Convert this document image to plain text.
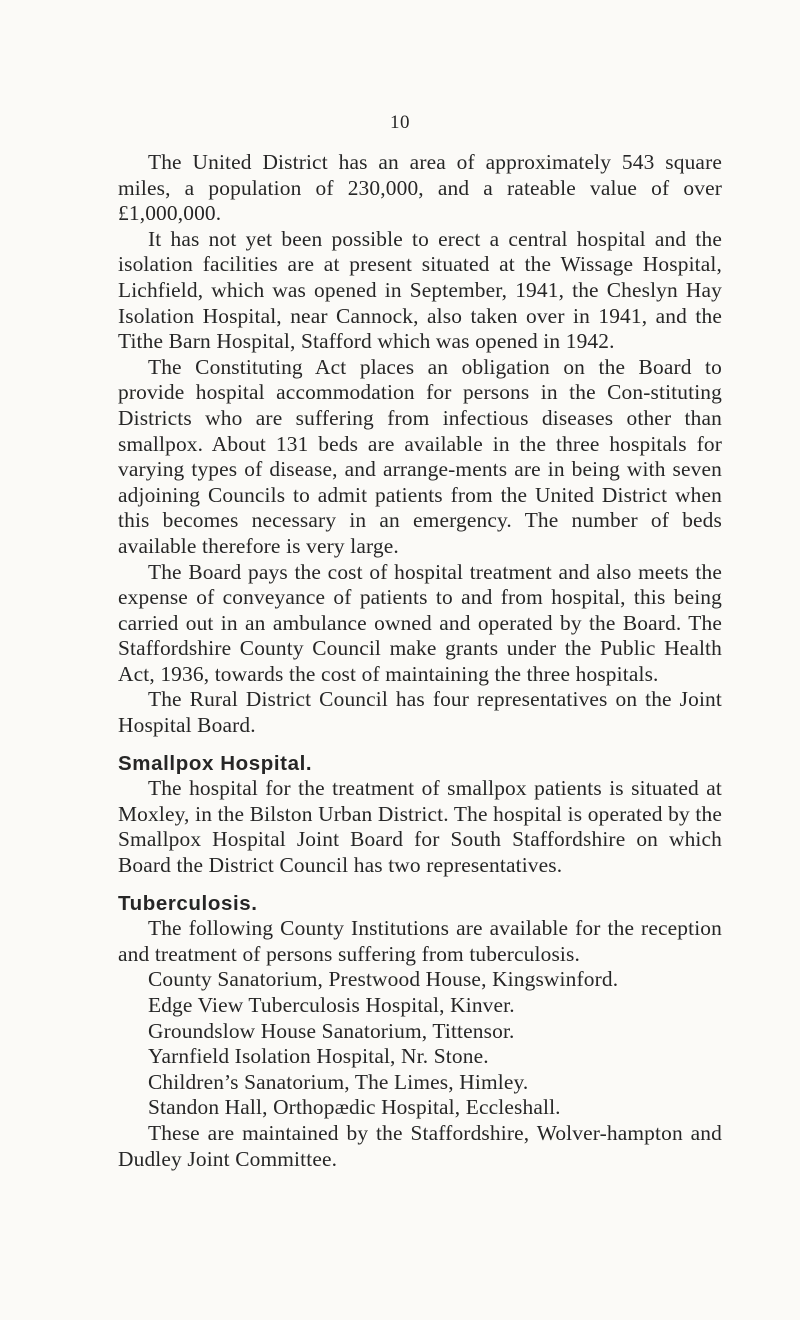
10

The United District has an area of approximately 543 square miles, a population of 230,000, and a rateable value of over £1,000,000.

It has not yet been possible to erect a central hospital and the isolation facilities are at present situated at the Wissage Hospital, Lichfield, which was opened in September, 1941, the Cheslyn Hay Isolation Hospital, near Cannock, also taken over in 1941, and the Tithe Barn Hospital, Stafford which was opened in 1942.

The Constituting Act places an obligation on the Board to provide hospital accommodation for persons in the Con-stituting Districts who are suffering from infectious diseases other than smallpox. About 131 beds are available in the three hospitals for varying types of disease, and arrange-ments are in being with seven adjoining Councils to admit patients from the United District when this becomes necessary in an emergency. The number of beds available therefore is very large.

The Board pays the cost of hospital treatment and also meets the expense of conveyance of patients to and from hospital, this being carried out in an ambulance owned and operated by the Board. The Staffordshire County Council make grants under the Public Health Act, 1936, towards the cost of maintaining the three hospitals.

The Rural District Council has four representatives on the Joint Hospital Board.

Smallpox Hospital.

The hospital for the treatment of smallpox patients is situated at Moxley, in the Bilston Urban District. The hospital is operated by the Smallpox Hospital Joint Board for South Staffordshire on which Board the District Council has two representatives.

Tuberculosis.

The following County Institutions are available for the reception and treatment of persons suffering from tuberculosis.

County Sanatorium, Prestwood House, Kingswinford.
Edge View Tuberculosis Hospital, Kinver.
Groundslow House Sanatorium, Tittensor.
Yarnfield Isolation Hospital, Nr. Stone.
Children’s Sanatorium, The Limes, Himley.
Standon Hall, Orthopædic Hospital, Eccleshall.

These are maintained by the Staffordshire, Wolver-hampton and Dudley Joint Committee.
